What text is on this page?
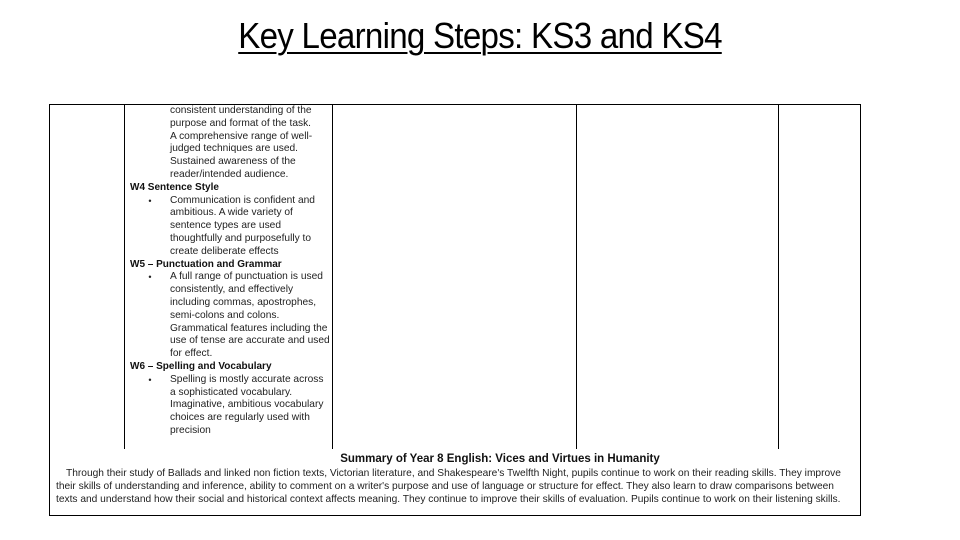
Key Learning Steps: KS3 and KS4
consistent understanding of the
purpose and format of the task.
A comprehensive range of well-
judged techniques are used.
Sustained awareness of the
reader/intended audience.
W4 Sentence Style
•	Communication is confident and ambitious. A wide variety of sentence types are used thoughtfully and purposefully to create deliberate effects
W5 – Punctuation and Grammar
•	A full range of punctuation is used consistently, and effectively including commas, apostrophes, semi-colons and colons. Grammatical features including the use of tense are accurate and used for effect.
W6 – Spelling and Vocabulary
•	Spelling is mostly accurate across a sophisticated vocabulary. Imaginative, ambitious vocabulary choices are regularly used with precision
Summary of Year 8 English: Vices and Virtues in Humanity
Through their study of Ballads and linked non fiction texts, Victorian literature, and Shakespeare's Twelfth Night, pupils continue to work on their reading skills. They improve their skills of understanding and inference, ability to comment on a writer's purpose and use of language or structure for effect. They also learn to draw comparisons between texts and understand how their social and historical context affects meaning. They continue to improve their skills of evaluation. Pupils continue to work on their listening skills.
